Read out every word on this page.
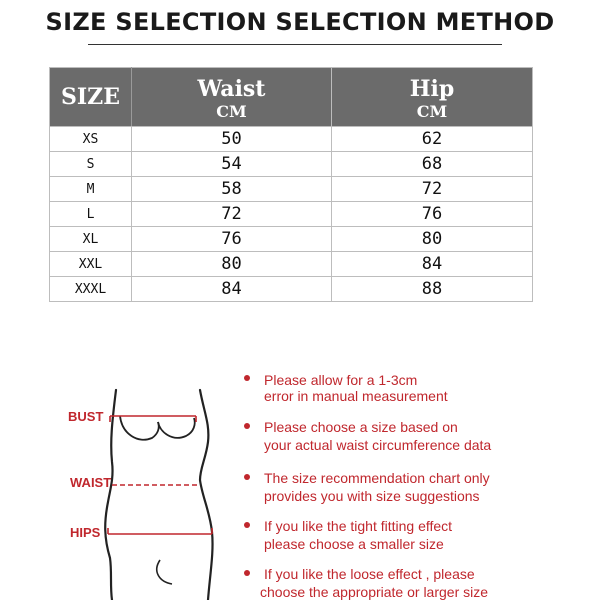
SIZE SELECTION SELECTION METHOD
SIZE	Waist	Hip
	CM	CM
XS	50	62
S	54	68
M	58	72
L	72	76
XL	76	80
XXL	80	84
XXXL	84	88
BUST
WAIST
HIPS
Please allow for a 1-3cm
error in manual measurement
Please choose a size based on
your actual waist circumference data
The size recommendation chart only
provides you with size suggestions
If you like the tight fitting effect
please choose a smaller size
If you like the loose effect , please
choose the appropriate or larger size
